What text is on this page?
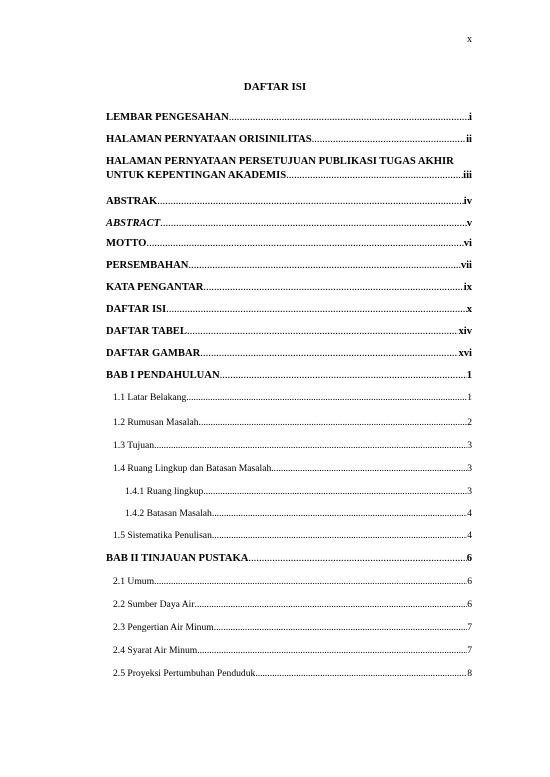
x
DAFTAR ISI
LEMBAR PENGESAHAN .....	i
HALAMAN PERNYATAAN ORISINILITAS .....	ii
HALAMAN PERNYATAAN PERSETUJUAN PUBLIKASI TUGAS AKHIR
UNTUK KEPENTINGAN AKADEMIS .....	iii
ABSTRAK .....	iv
ABSTRACT .....	v
MOTTO .....	vi
PERSEMBAHAN .....	vii
KATA PENGANTAR .....	ix
DAFTAR ISI .....	x
DAFTAR TABEL .....	xiv
DAFTAR GAMBAR .....	xvi
BAB I PENDAHULUAN .....	1
1.1 Latar Belakang .....	1
1.2 Rumusan Masalah .....	2
1.3 Tujuan .....	3
1.4 Ruang Lingkup dan Batasan Masalah .....	3
1.4.1 Ruang lingkup .....	3
1.4.2 Batasan Masalah .....	4
1.5 Sistematika Penulisan .....	4
BAB II TINJAUAN PUSTAKA .....	6
2.1 Umum .....	6
2.2 Sumber Daya Air .....	6
2.3 Pengertian Air Minum .....	7
2.4 Syarat Air Minum .....	7
2.5 Proyeksi Pertumbuhan Penduduk .....	8
